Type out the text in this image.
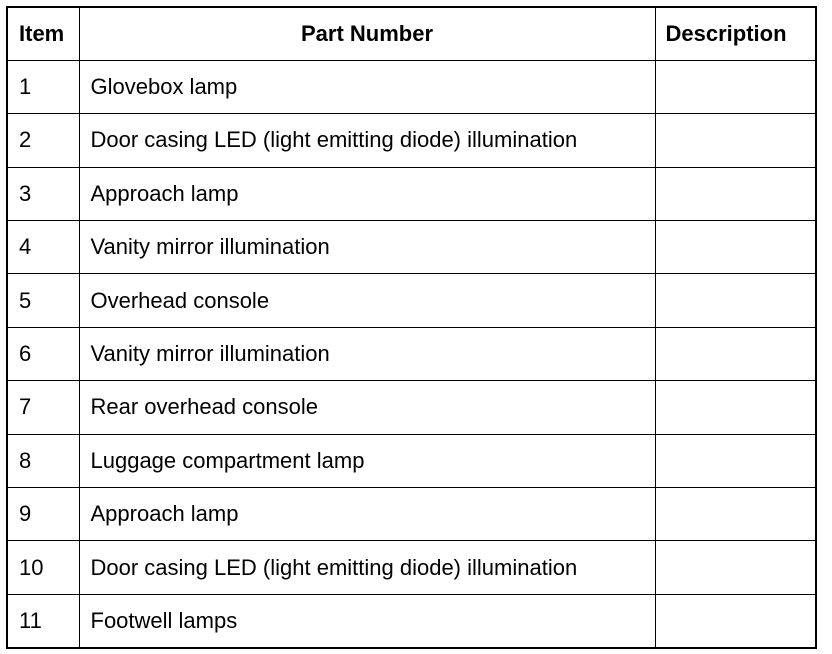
Item	Part Number	Description
1	Glovebox lamp	
2	Door casing LED (light emitting diode) illumination	
3	Approach lamp	
4	Vanity mirror illumination	
5	Overhead console	
6	Vanity mirror illumination	
7	Rear overhead console	
8	Luggage compartment lamp	
9	Approach lamp	
10	Door casing LED (light emitting diode) illumination	
11	Footwell lamps	
